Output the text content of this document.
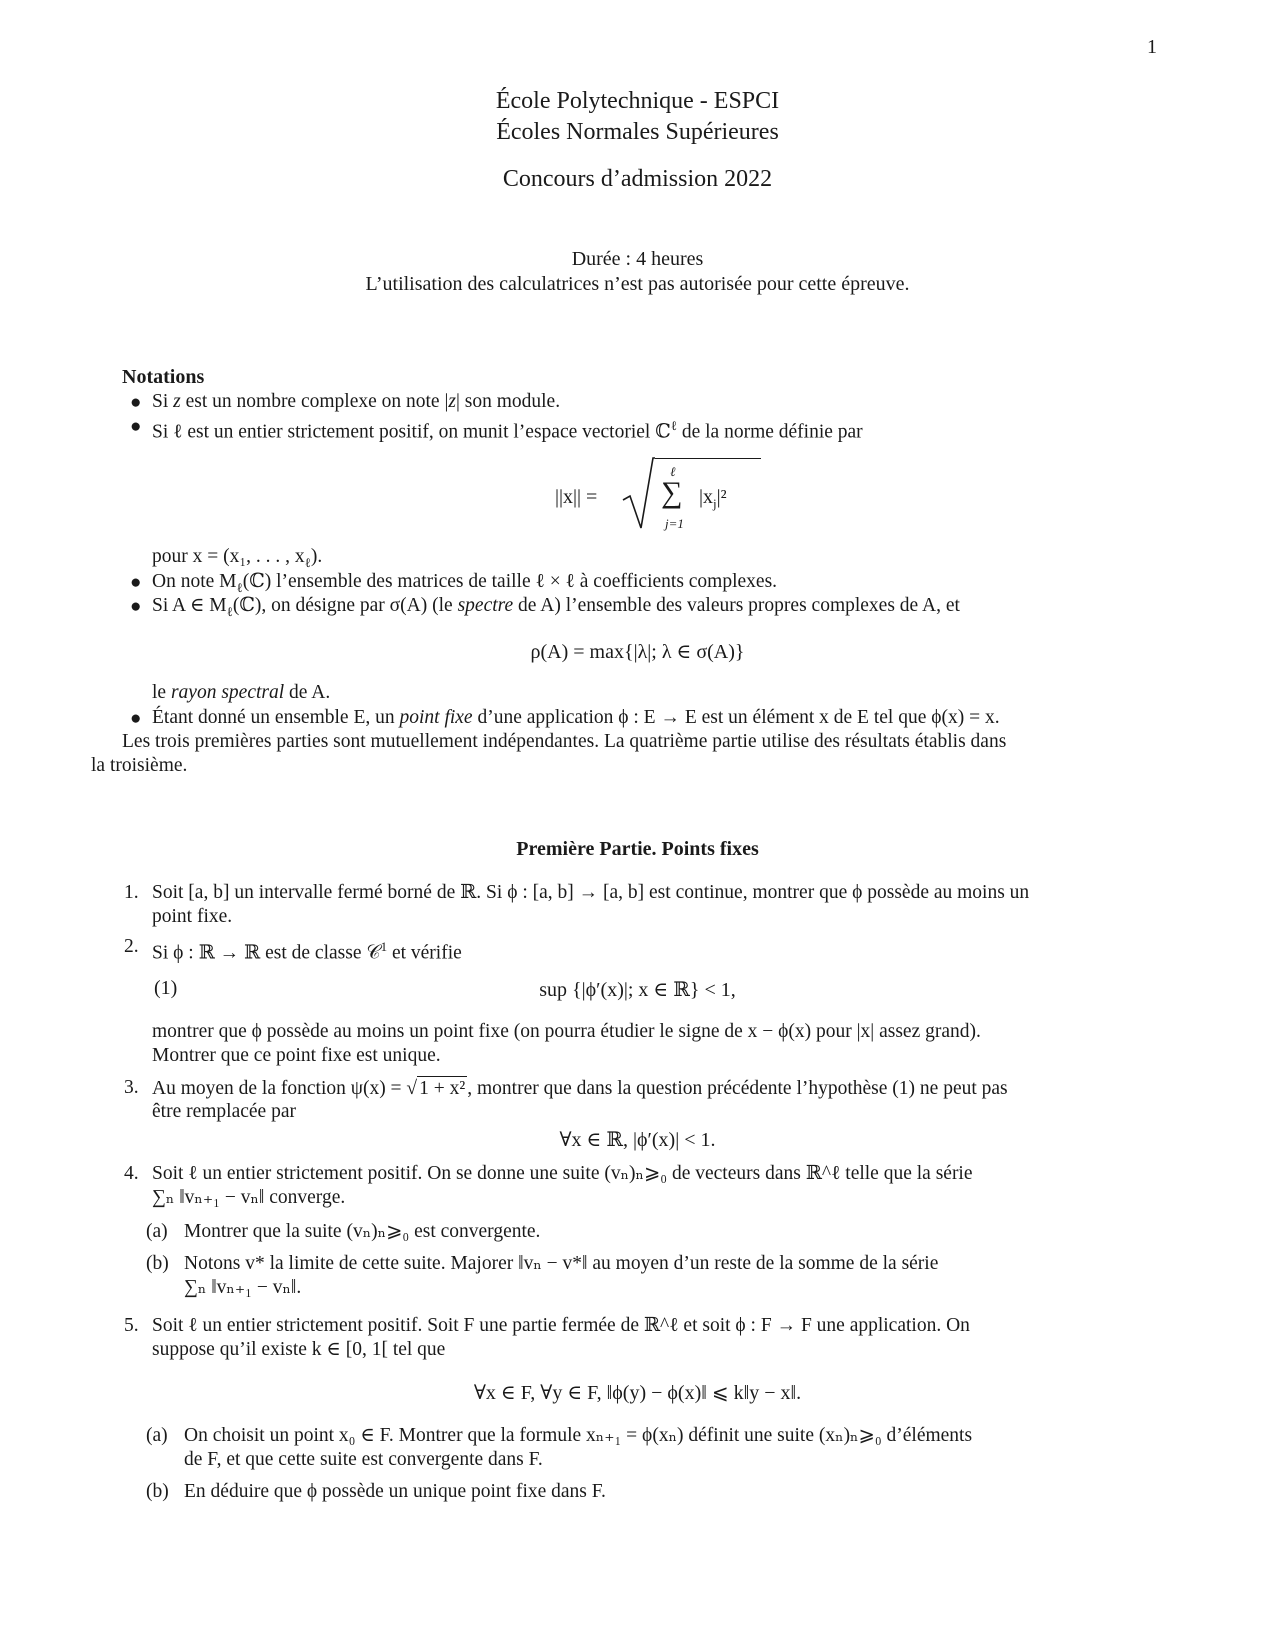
1
École Polytechnique - ESPCI
Écoles Normales Supérieures
Concours d’admission 2022
Durée : 4 heures
L’utilisation des calculatrices n’est pas autorisée pour cette épreuve.
Notations
● Si z est un nombre complexe on note |z| son module.
● Si ℓ est un entier strictement positif, on munit l’espace vectoriel ℂ$^\ell$ de la norme définie par
||x|| =
ℓ
∑
j=1
$|x_j|^2$
pour x = (x₁, . . . , $x_\ell$).
● On note $M_\ell(ℂ)$ l’ensemble des matrices de taille ℓ × ℓ à coefficients complexes.
● Si A ∈ $M_\ell(ℂ)$, on désigne par σ(A) (le spectre de A) l’ensemble des valeurs propres complexes de A, et
ρ(A) = max{|λ|; λ ∈ σ(A)}
le rayon spectral de A.
● Étant donné un ensemble E, un point fixe d’une application ϕ : E → E est un élément x de E tel que ϕ(x) = x.
Les trois premières parties sont mutuellement indépendantes. La quatrième partie utilise des résultats établis dans
la troisième.
Première Partie. Points fixes
1. Soit [a, b] un intervalle fermé borné de ℝ. Si ϕ : [a, b] → [a, b] est continue, montrer que ϕ possède au moins un
point fixe.
2. Si ϕ : ℝ → ℝ est de classe 𝒞$^1$ et vérifie
(1)	sup {|ϕ′(x)|; x ∈ ℝ} < 1,
montrer que ϕ possède au moins un point fixe (on pourra étudier le signe de x − ϕ(x) pour |x| assez grand).
Montrer que ce point fixe est unique.
3. Au moyen de la fonction ψ(x) = √ 1 + x² , montrer que dans la question précédente l’hypothèse (1) ne peut pas
être remplacée par
∀x ∈ ℝ, |ϕ′(x)| < 1.
4. Soit ℓ un entier strictement positif. On se donne une suite (vₙ)ₙ⩾₀ de vecteurs dans ℝ^ℓ telle que la série
∑ₙ ‖vₙ₊₁ − vₙ‖ converge.
(a) Montrer que la suite (vₙ)ₙ⩾₀ est convergente.
(b) Notons v* la limite de cette suite. Majorer ‖vₙ − v*‖ au moyen d’un reste de la somme de la série
∑ₙ ‖vₙ₊₁ − vₙ‖.
5. Soit ℓ un entier strictement positif. Soit F une partie fermée de ℝ^ℓ et soit ϕ : F → F une application. On
suppose qu’il existe k ∈ [0, 1[ tel que
∀x ∈ F, ∀y ∈ F, ‖ϕ(y) − ϕ(x)‖ ⩽ k‖y − x‖.
(a) On choisit un point x₀ ∈ F. Montrer que la formule xₙ₊₁ = ϕ(xₙ) définit une suite (xₙ)ₙ⩾₀ d’éléments
de F, et que cette suite est convergente dans F.
(b) En déduire que ϕ possède un unique point fixe dans F.
